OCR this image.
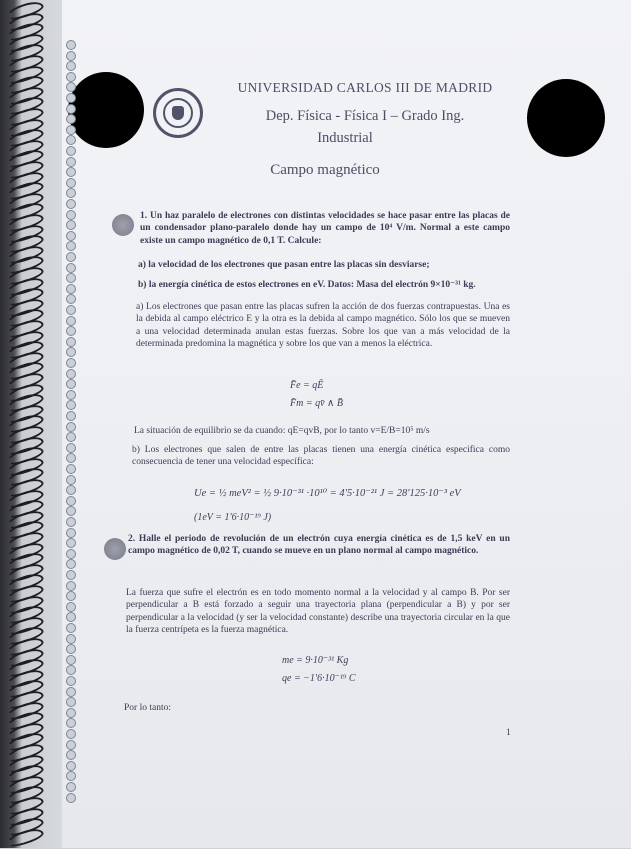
UNIVERSIDAD CARLOS III DE MADRID
Dep. Física - Física I – Grado Ing.
Industrial
Campo magnético
1. Un haz paralelo de electrones con distintas velocidades se hace pasar entre las placas de un condensador plano-paralelo donde hay un campo de 10⁴ V/m. Normal a este campo existe un campo magnético de 0,1 T. Calcule:
a) la velocidad de los electrones que pasan entre las placas sin desviarse;
b) la energía cinética de estos electrones en eV. Datos: Masa del electrón 9×10⁻³¹ kg.
a) Los electrones que pasan entre las placas sufren la acción de dos fuerzas contrapuestas. Una es la debida al campo eléctrico E y la otra es la debida al campo magnético. Sólo los que se mueven a una velocidad determinada anulan estas fuerzas. Sobre los que van a más velocidad de la determinada predomina la magnética y sobre los que van a menos la eléctrica.
F̄e = qĒ
F̄m = qv̄ ∧ B̄
La situación de equilibrio se da cuando: qE=qvB, por lo tanto v=E/B=10⁵ m/s
b) Los electrones que salen de entre las placas tienen una energía cinética especifica como consecuencia de tener una velocidad específica:
Ue = ½ meV² = ½ 9·10⁻³¹ ·10¹⁰ = 4'5·10⁻²¹ J = 28'125·10⁻³ eV
(1eV = 1'6·10⁻¹⁹ J)
2. Halle el periodo de revolución de un electrón cuya energía cinética es de 1,5 keV en un campo magnético de 0,02 T, cuando se mueve en un plano normal al campo magnético.
La fuerza que sufre el electrón es en todo momento normal a la velocidad y al campo B. Por ser perpendicular a B está forzado a seguir una trayectoria plana (perpendicular a B) y por ser perpendicular a la velocidad (y ser la velocidad constante) describe una trayectoria circular en la que la fuerza centrípeta es la fuerza magnética.
me = 9·10⁻³¹ Kg
qe = −1'6·10⁻¹⁹ C
Por lo tanto:
1
